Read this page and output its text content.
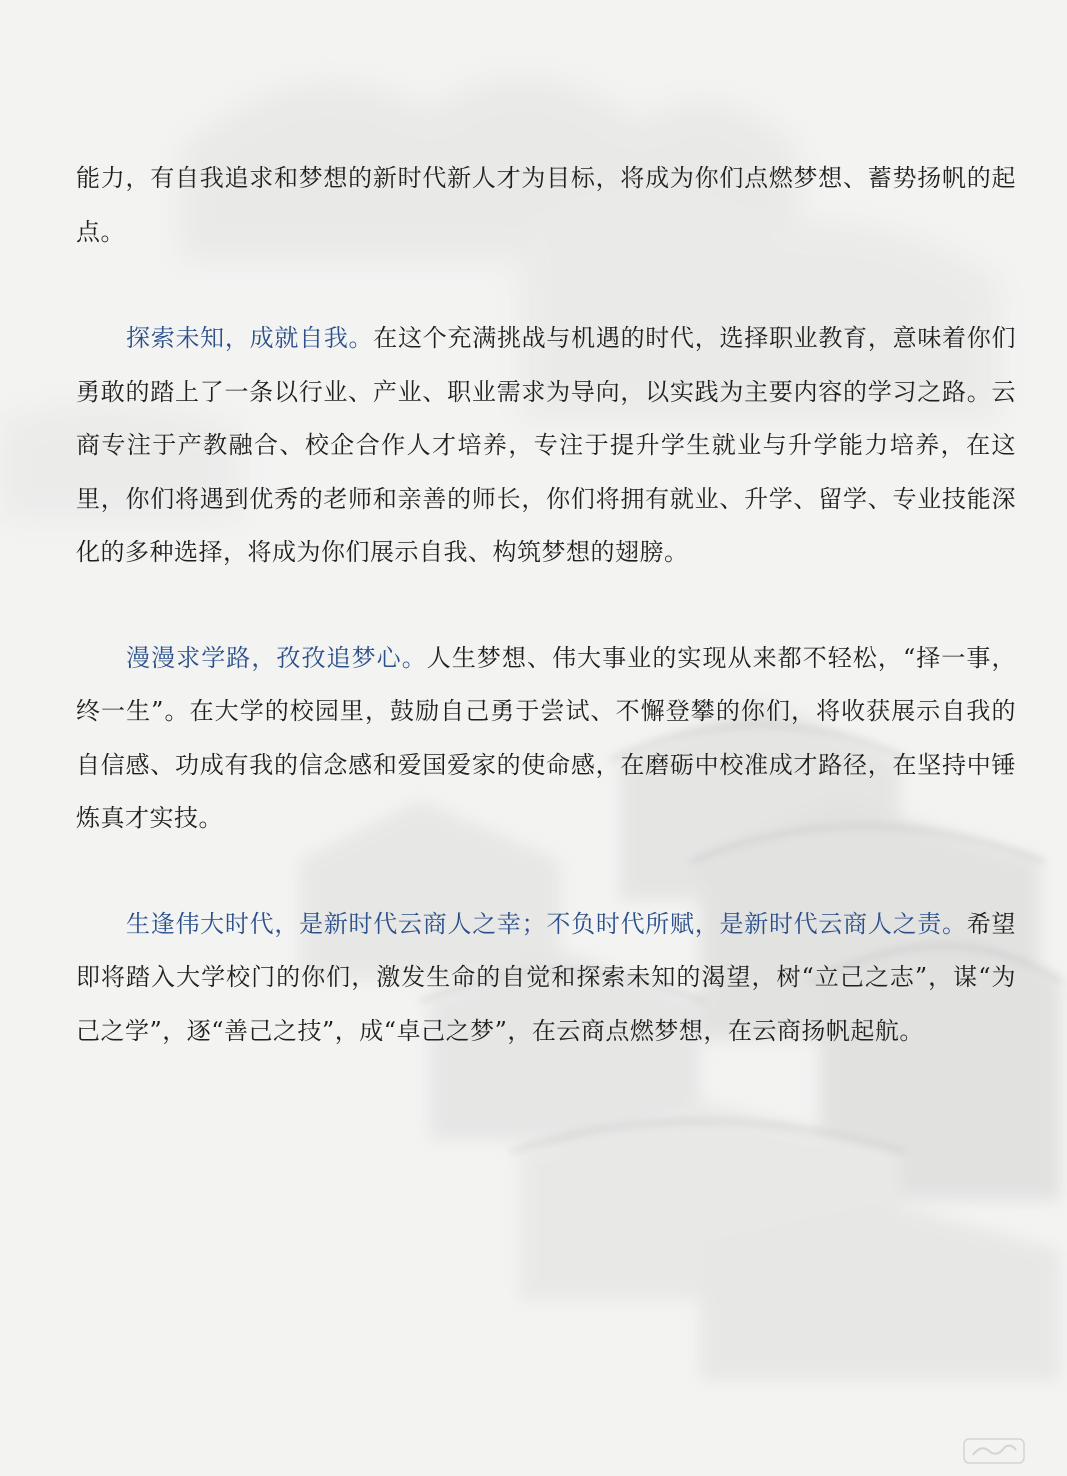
能力，有自我追求和梦想的新时代新人才为目标，将成为你们点燃梦想、蓄势扬帆的起点。

探索未知，成就自我。在这个充满挑战与机遇的时代，选择职业教育，意味着你们勇敢的踏上了一条以行业、产业、职业需求为导向，以实践为主要内容的学习之路。云商专注于产教融合、校企合作人才培养，专注于提升学生就业与升学能力培养，在这里，你们将遇到优秀的老师和亲善的师长，你们将拥有就业、升学、留学、专业技能深化的多种选择，将成为你们展示自我、构筑梦想的翅膀。

漫漫求学路，孜孜追梦心。人生梦想、伟大事业的实现从来都不轻松，“择一事，终一生”。在大学的校园里，鼓励自己勇于尝试、不懈登攀的你们，将收获展示自我的自信感、功成有我的信念感和爱国爱家的使命感，在磨砺中校准成才路径，在坚持中锤炼真才实技。

生逢伟大时代，是新时代云商人之幸；不负时代所赋，是新时代云商人之责。希望即将踏入大学校门的你们，激发生命的自觉和探索未知的渴望，树“立己之志”，谋“为己之学”，逐“善己之技”，成“卓己之梦”，在云商点燃梦想，在云商扬帆起航。
